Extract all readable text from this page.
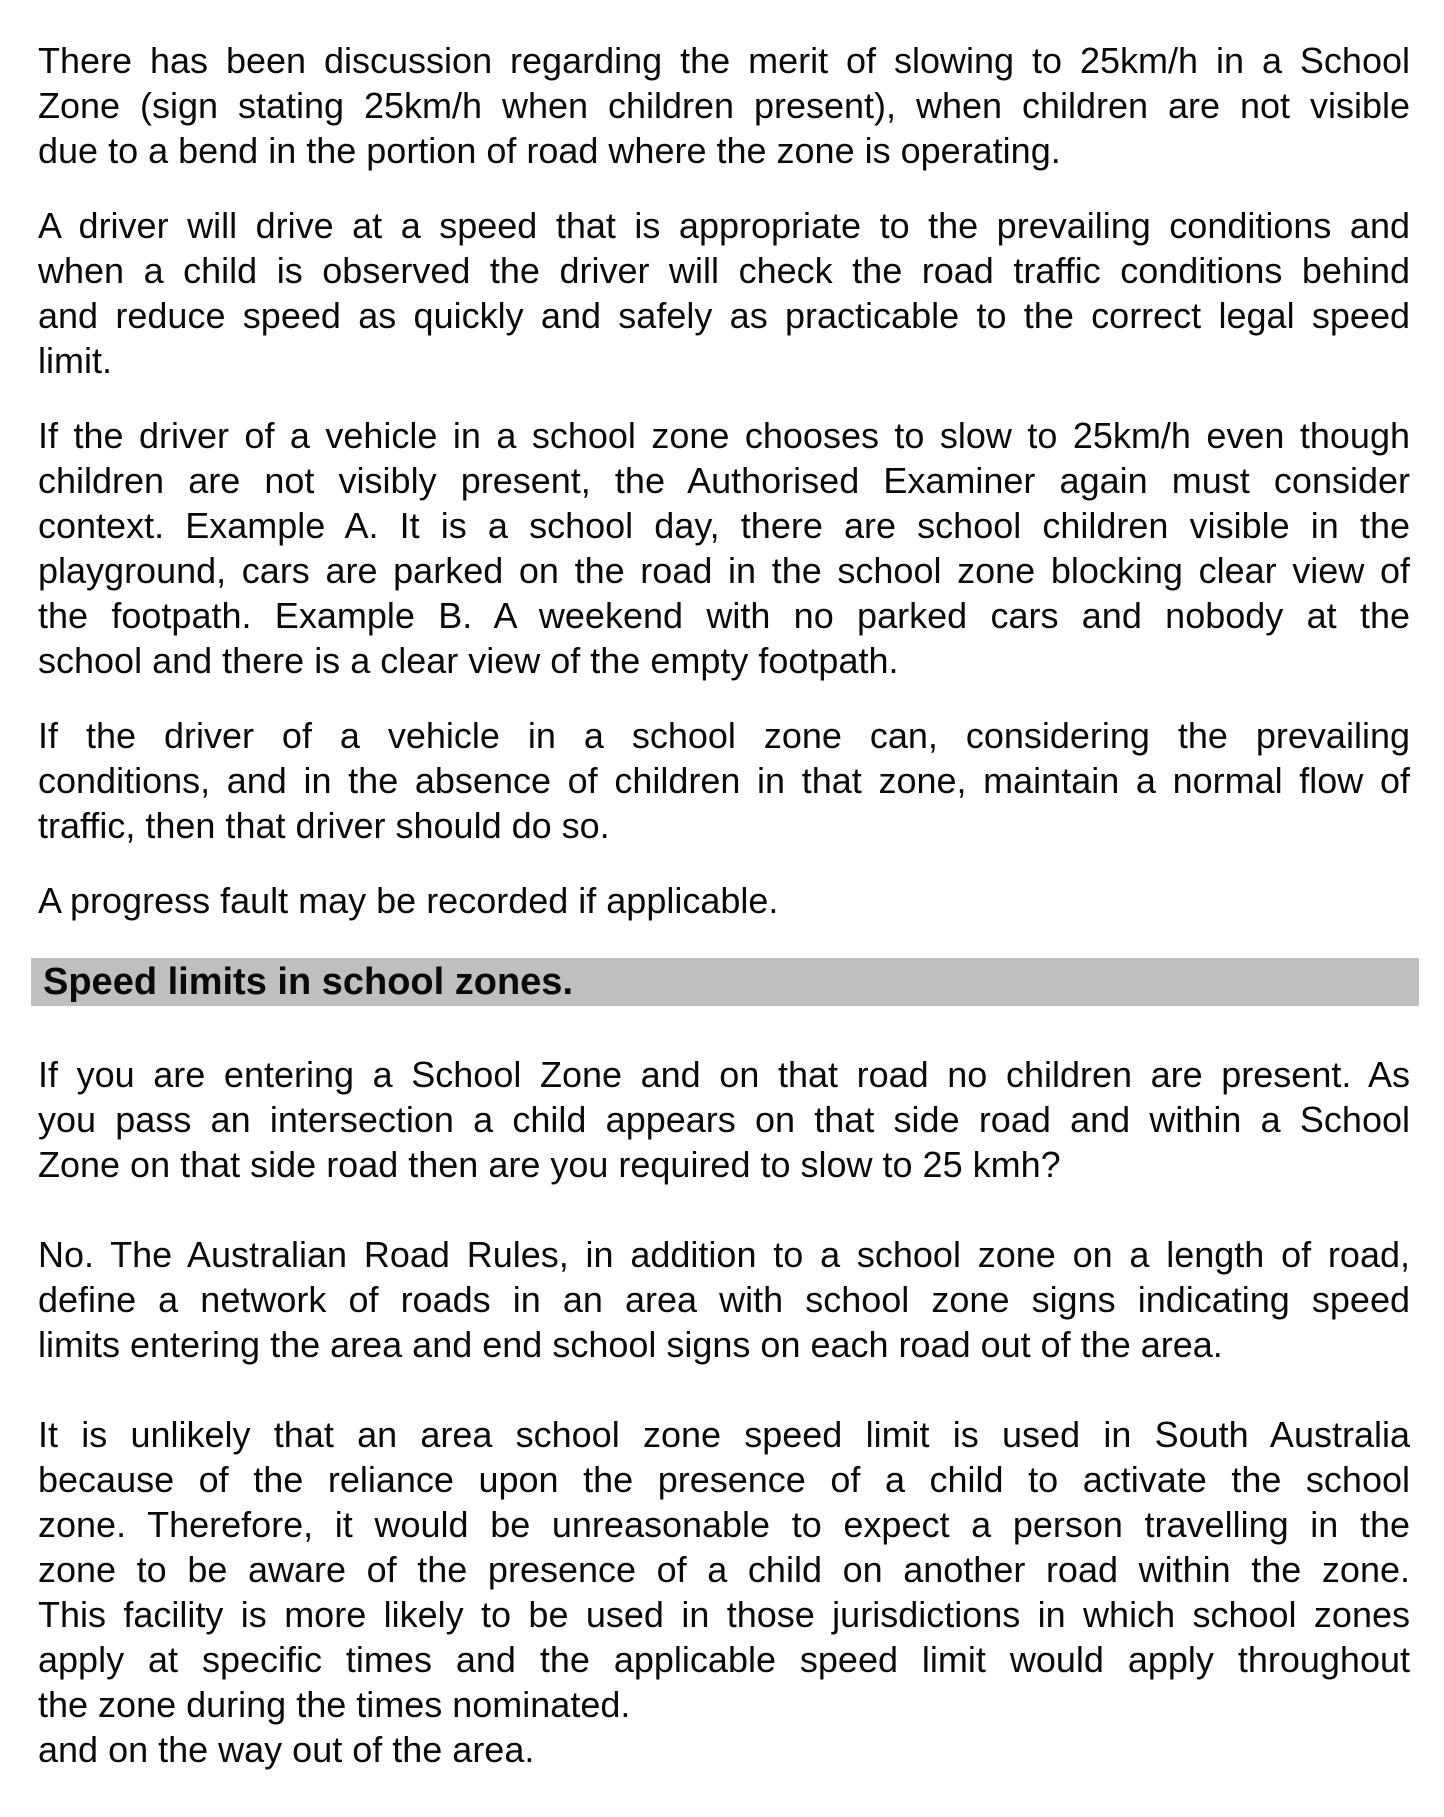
There has been discussion regarding the merit of slowing to 25km/h in a School
Zone (sign stating 25km/h when children present), when children are not visible
due to a bend in the portion of road where the zone is operating.
A driver will drive at a speed that is appropriate to the prevailing conditions and
when a child is observed the driver will check the road traffic conditions behind
and reduce speed as quickly and safely as practicable to the correct legal speed
limit.
If the driver of a vehicle in a school zone chooses to slow to 25km/h even though
children are not visibly present, the Authorised Examiner again must consider
context. Example A. It is a school day, there are school children visible in the
playground, cars are parked on the road in the school zone blocking clear view of
the footpath. Example B. A weekend with no parked cars and nobody at the
school and there is a clear view of the empty footpath.
If the driver of a vehicle in a school zone can, considering the prevailing
conditions, and in the absence of children in that zone, maintain a normal flow of
traffic, then that driver should do so.
A progress fault may be recorded if applicable.
Speed limits in school zones.
If you are entering a School Zone and on that road no children are present. As
you pass an intersection a child appears on that side road and within a School
Zone on that side road then are you required to slow to 25 kmh?
No. The Australian Road Rules, in addition to a school zone on a length of road,
define a network of roads in an area with school zone signs indicating speed
limits entering the area and end school signs on each road out of the area.
It is unlikely that an area school zone speed limit is used in South Australia
because of the reliance upon the presence of a child to activate the school
zone. Therefore, it would be unreasonable to expect a person travelling in the
zone to be aware of the presence of a child on another road within the zone.
This facility is more likely to be used in those jurisdictions in which school zones
apply at specific times and the applicable speed limit would apply throughout
the zone during the times nominated.
and on the way out of the area.
